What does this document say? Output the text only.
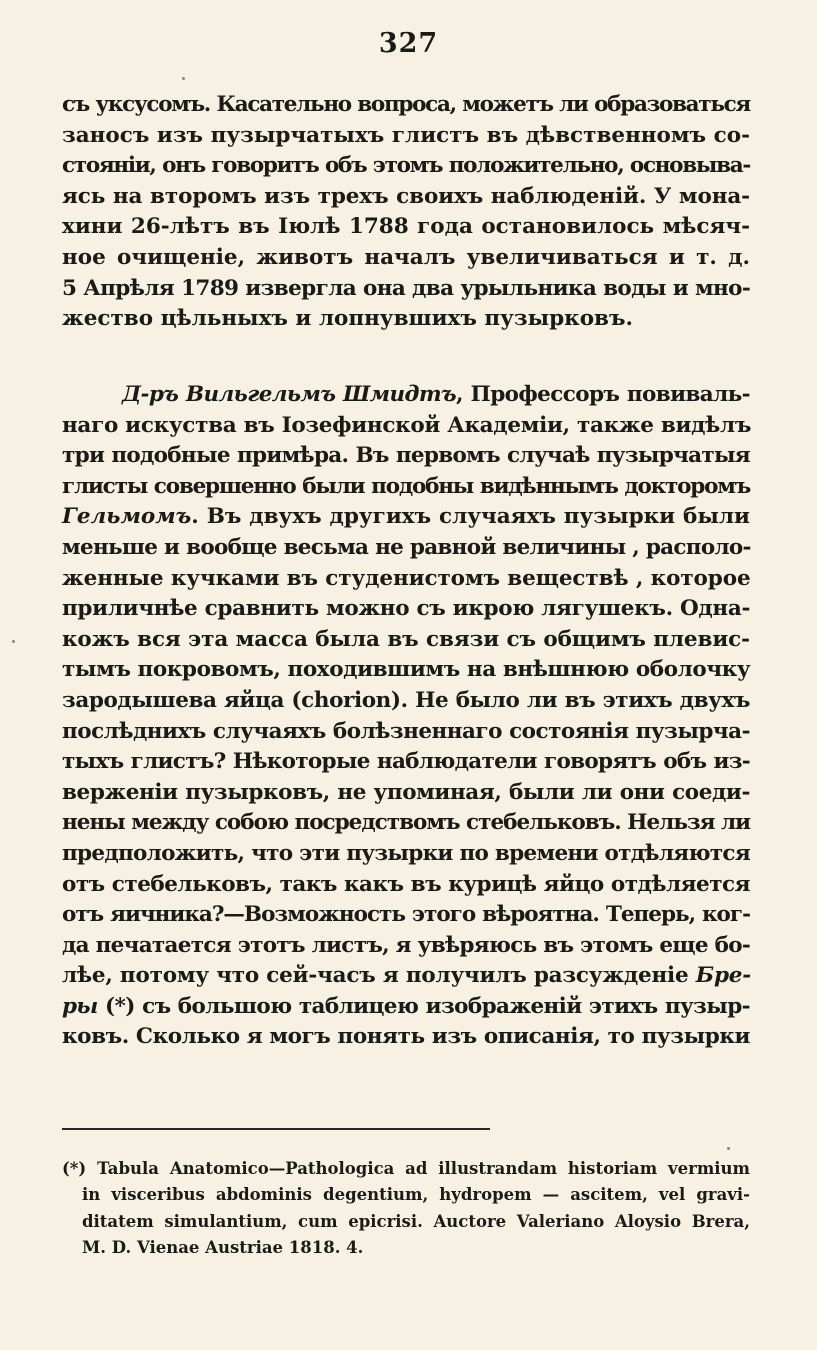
327
съ уксусомъ. Касательно вопроса, можетъ ли образоваться
заносъ изъ пузырчатыхъ глистъ въ дѣвственномъ со-
стояніи, онъ говоритъ объ этомъ положительно, основыва-
ясь на второмъ изъ трехъ своихъ наблюденій. У мона-
хини 26-лѣтъ въ Іюлѣ 1788 года остановилось мѣсяч-
ное очищеніе, животъ началъ увеличиваться и т. д.
5 Апрѣля 1789 извергла она два урыльника воды и мно-
жество цѣльныхъ и лопнувшихъ пузырковъ.
Д-ръ Вильгельмъ Шмидтъ, Профессоръ повиваль-
наго искуства въ Іозефинской Академіи, также видѣлъ
три подобные примѣра. Въ первомъ случаѣ пузырчатыя
глисты совершенно были подобны видѣннымъ докторомъ
Гельмомъ. Въ двухъ другихъ случаяхъ пузырки были
меньше и вообще весьма не равной величины , располо-
женные кучками въ студенистомъ веществѣ , которое
приличнѣе сравнить можно съ икрою лягушекъ. Одна-
кожъ вся эта масса была въ связи съ общимъ плевис-
тымъ покровомъ, походившимъ на внѣшнюю оболочку
зародышева яйца (chorion). Не было ли въ этихъ двухъ
послѣднихъ случаяхъ болѣзненнаго состоянія пузырча-
тыхъ глистъ? Нѣкоторые наблюдатели говорятъ объ из-
верженіи пузырковъ, не упоминая, были ли они соеди-
нены между собою посредствомъ стебельковъ. Нельзя ли
предположить, что эти пузырки по времени отдѣляются
отъ стебельковъ, такъ какъ въ курицѣ яйцо отдѣляется
отъ яичника?—Возможность этого вѣроятна. Теперь, ког-
да печатается этотъ листъ, я увѣряюсь въ этомъ еще бо-
лѣе, потому что сей-часъ я получилъ разсужденіе Бре-
ры (*) съ большою таблицею изображеній этихъ пузыр-
ковъ. Сколько я могъ понять изъ описанія, то пузырки
(*) Tabula Anatomico—Pathologica ad illustrandam historiam vermium
in visceribus abdominis degentium, hydropem — ascitem, vel gravi-
ditatem simulantium, cum epicrisi. Auctore Valeriano Aloysio Brera,
M. D. Vienae Austriae 1818. 4.
